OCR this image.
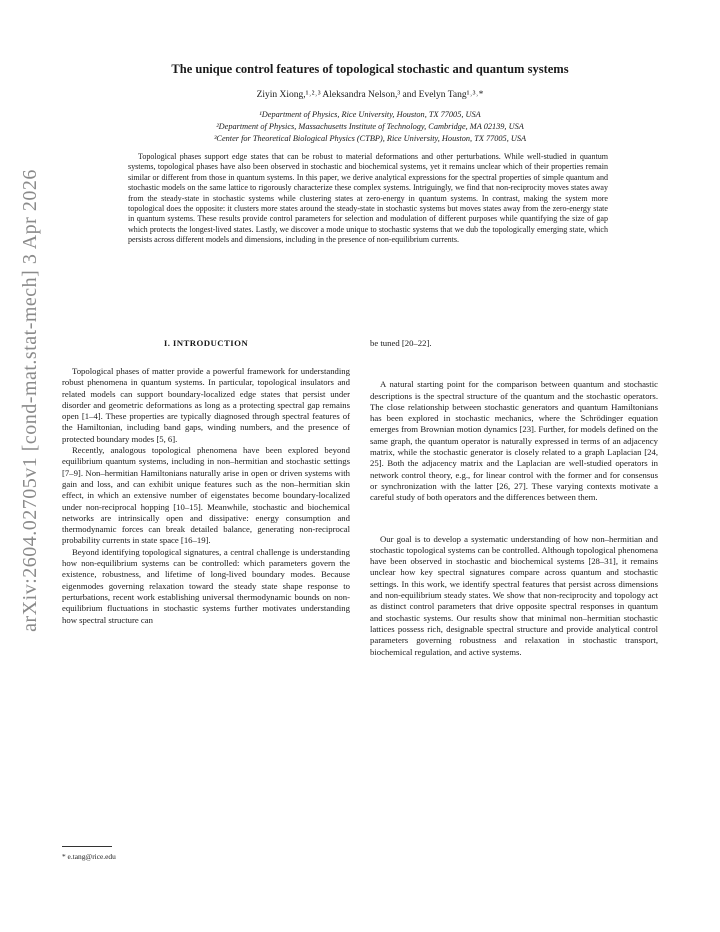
arXiv:2604.02705v1 [cond-mat.stat-mech] 3 Apr 2026
The unique control features of topological stochastic and quantum systems
Ziyin Xiong,¹˒²˒³ Aleksandra Nelson,³ and Evelyn Tang¹˒³˒*
¹Department of Physics, Rice University, Houston, TX 77005, USA
²Department of Physics, Massachusetts Institute of Technology, Cambridge, MA 02139, USA
³Center for Theoretical Biological Physics (CTBP), Rice University, Houston, TX 77005, USA

Topological phases support edge states that can be robust to material deformations and other perturbations. While well-studied in quantum systems, topological phases have also been observed in stochastic and biochemical systems, yet it remains unclear which of their properties remain similar or different from those in quantum systems. In this paper, we derive analytical expressions for the spectral properties of simple quantum and stochastic models on the same lattice to rigorously characterize these complex systems. Intriguingly, we find that non-reciprocity moves states away from the steady-state in stochastic systems while clustering states at zero-energy in quantum systems. In contrast, making the system more topological does the opposite: it clusters more states around the steady-state in stochastic systems but moves states away from the zero-energy state in quantum systems. These results provide control parameters for selection and modulation of different purposes while quantifying the size of gap which protects the longest-lived states. Lastly, we discover a mode unique to stochastic systems that we dub the topologically emerging state, which persists across different models and dimensions, including in the presence of non-equilibrium currents.

I. INTRODUCTION

Topological phases of matter provide a powerful framework for understanding robust phenomena in quantum systems. In particular, topological insulators and related models can support boundary-localized edge states that persist under disorder and geometric deformations as long as a protecting spectral gap remains open [1–4]. These properties are typically diagnosed through spectral features of the Hamiltonian, including band gaps, winding numbers, and the presence of protected boundary modes [5, 6].

Recently, analogous topological phenomena have been explored beyond equilibrium quantum systems, including in non–hermitian and stochastic settings [7–9]. Non–hermitian Hamiltonians naturally arise in open or driven systems with gain and loss, and can exhibit unique features such as the non–hermitian skin effect, in which an extensive number of eigenstates become boundary-localized under non-reciprocal hopping [10–15]. Meanwhile, stochastic and biochemical networks are intrinsically open and dissipative: energy consumption and thermodynamic forces can break detailed balance, generating non-reciprocal probability currents in state space [16–19].

Beyond identifying topological signatures, a central challenge is understanding how non-equilibrium systems can be controlled: which parameters govern the existence, robustness, and lifetime of long-lived boundary modes. Because eigenmodes governing relaxation toward the steady state shape response to perturbations, recent work establishing universal thermodynamic bounds on non-equilibrium fluctuations in stochastic systems further motivates understanding how spectral structure can

be tuned [20–22].

A natural starting point for the comparison between quantum and stochastic descriptions is the spectral structure of the quantum and the stochastic operators. The close relationship between stochastic generators and quantum Hamiltonians has been explored in stochastic mechanics, where the Schrödinger equation emerges from Brownian motion dynamics [23]. Further, for models defined on the same graph, the quantum operator is naturally expressed in terms of an adjacency matrix, while the stochastic generator is closely related to a graph Laplacian [24, 25]. Both the adjacency matrix and the Laplacian are well-studied operators in network control theory, e.g., for linear control with the former and for consensus or synchronization with the latter [26, 27]. These varying contexts motivate a careful study of both operators and the differences between them.

Our goal is to develop a systematic understanding of how non–hermitian and stochastic topological systems can be controlled. Although topological phenomena have been observed in stochastic and biochemical systems [28–31], it remains unclear how key spectral signatures compare across quantum and stochastic settings. In this work, we identify spectral features that persist across dimensions and non-equilibrium steady states. We show that non-reciprocity and topology act as distinct control parameters that drive opposite spectral responses in quantum and stochastic systems. Our results show that minimal non–hermitian stochastic lattices possess rich, designable spectral structure and provide analytical control parameters governing robustness and relaxation in stochastic transport, biochemical regulation, and active systems.

* e.tang@rice.edu
